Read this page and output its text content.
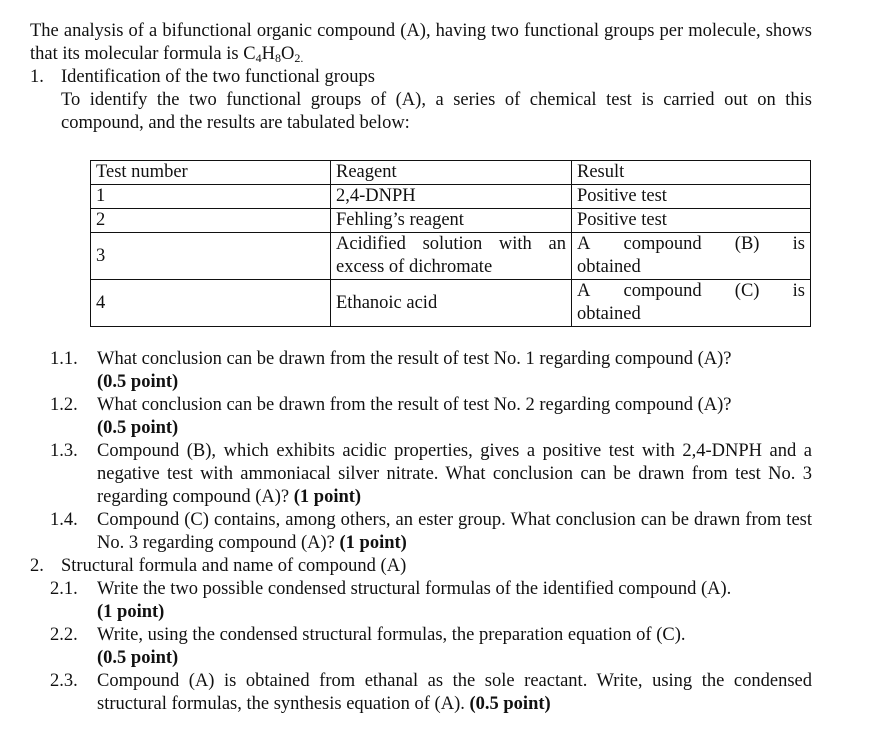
The analysis of a bifunctional organic compound (A), having two functional groups per molecule, shows that its molecular formula is $C_4H_8O_{2.}$
1. Identification of the two functional groups
To identify the two functional groups of (A), a series of chemical test is carried out on this compound, and the results are tabulated below:
Test number	Reagent	Result
1	2,4-DNPH	Positive test
2	Fehling’s reagent	Positive test
3	Acidified solution with an excess of dichromate	A compound (B) is
obtained

4	Ethanoic acid	A compound (C) is
obtained
1.1. What conclusion can be drawn from the result of test No. 1 regarding compound (A)?
(0.5 point)
1.2. What conclusion can be drawn from the result of test No. 2 regarding compound (A)?
(0.5 point)
1.3. Compound (B), which exhibits acidic properties, gives a positive test with 2,4-DNPH and a negative test with ammoniacal silver nitrate. What conclusion can be drawn from test No. 3 regarding compound (A)? (1 point)
1.4. Compound (C) contains, among others, an ester group. What conclusion can be drawn from test No. 3 regarding compound (A)? (1 point)
2. Structural formula and name of compound (A)
2.1. Write the two possible condensed structural formulas of the identified compound (A).
(1 point)
2.2. Write, using the condensed structural formulas, the preparation equation of (C).
(0.5 point)
2.3. Compound (A) is obtained from ethanal as the sole reactant. Write, using the condensed structural formulas, the synthesis equation of (A). (0.5 point)
